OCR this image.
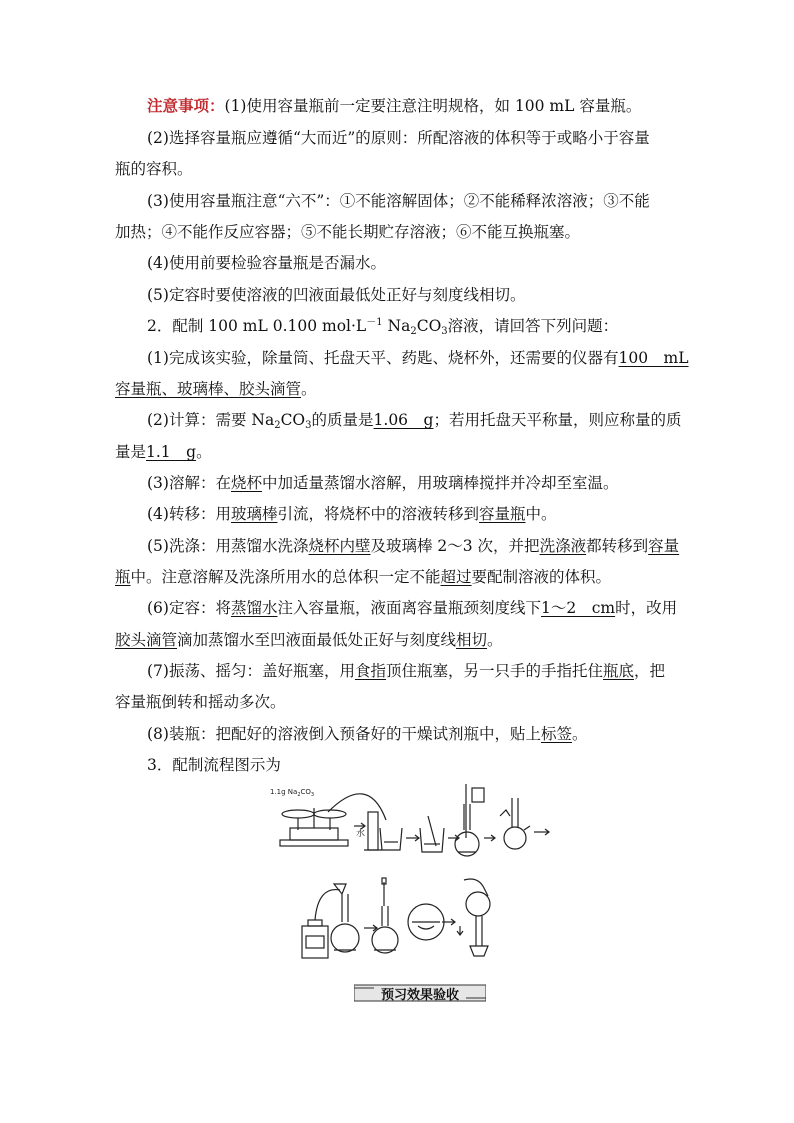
注意事项：(1)使用容量瓶前一定要注意注明规格，如 100 mL 容量瓶。
(2)选择容量瓶应遵循“大而近”的原则：所配溶液的体积等于或略小于容量
瓶的容积。
(3)使用容量瓶注意“六不”：①不能溶解固体；②不能稀释浓溶液；③不能
加热；④不能作反应容器；⑤不能长期贮存溶液；⑥不能互换瓶塞。
(4)使用前要检验容量瓶是否漏水。
(5)定容时要使溶液的凹液面最低处正好与刻度线相切。
2．配制 100 mL 0.100 $mol\cdot L^{-1}$ $Na_2CO_3$溶液，请回答下列问题：
(1)完成该实验，除量筒、托盘天平、药匙、烧杯外，还需要的仪器有100　mL
容量瓶、玻璃棒、胶头滴管。
(2)计算：需要 $Na_2CO_3$的质量是1.06　g；若用托盘天平称量，则应称量的质
量是1.1　g。
(3)溶解：在烧杯中加适量蒸馏水溶解，用玻璃棒搅拌并冷却至室温。
(4)转移：用玻璃棒引流，将烧杯中的溶液转移到容量瓶中。
(5)洗涤：用蒸馏水洗涤烧杯内壁及玻璃棒 2～3 次，并把洗涤液都转移到容量
瓶中。注意溶解及洗涤所用水的总体积一定不能超过要配制溶液的体积。
(6)定容：将蒸馏水注入容量瓶，液面离容量瓶颈刻度线下1～2　cm时，改用
胶头滴管滴加蒸馏水至凹液面最低处正好与刻度线相切。
(7)振荡、摇匀：盖好瓶塞，用食指顶住瓶塞，另一只手的手指托住瓶底，把
容量瓶倒转和摇动多次。
(8)装瓶：把配好的溶液倒入预备好的干燥试剂瓶中，贴上标签。
3．配制流程图示为
1.1g $Na_2CO_3$
水
预习效果验收
